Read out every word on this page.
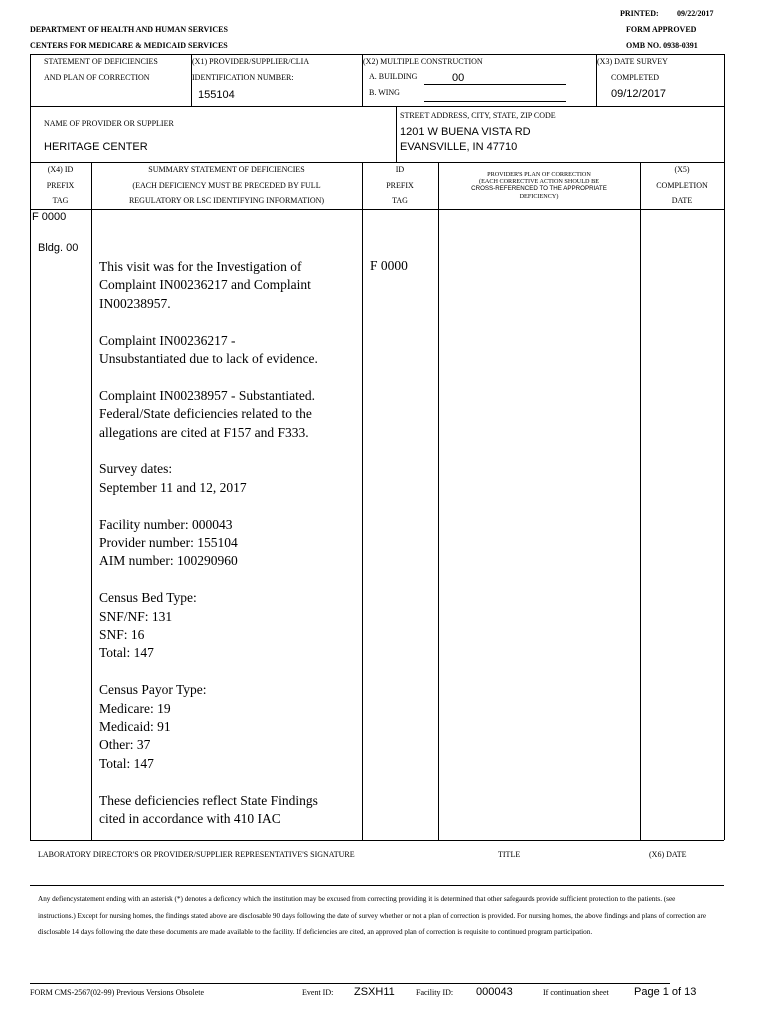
PRINTED: 09/22/2017
DEPARTMENT OF HEALTH AND HUMAN SERVICES	FORM APPROVED
CENTERS FOR MEDICARE & MEDICAID SERVICES	OMB NO. 0938-0391
STATEMENT OF DEFICIENCIES
AND PLAN OF CORRECTION
(X1) PROVIDER/SUPPLIER/CLIA
IDENTIFICATION NUMBER:
155104
(X2) MULTIPLE CONSTRUCTION
A. BUILDING	00
B. WING
(X3) DATE SURVEY
COMPLETED
09/12/2017
NAME OF PROVIDER OR SUPPLIER
HERITAGE CENTER
STREET ADDRESS, CITY, STATE, ZIP CODE
1201 W BUENA VISTA RD
EVANSVILLE, IN 47710
(X4) ID
PREFIX
TAG
SUMMARY STATEMENT OF DEFICIENCIES
(EACH DEFICIENCY MUST BE PRECEDED BY FULL
REGULATORY OR LSC IDENTIFYING INFORMATION)
ID
PREFIX
TAG
PROVIDER'S PLAN OF CORRECTION
(EACH CORRECTIVE ACTION SHOULD BE
CROSS-REFERENCED TO THE APPROPRIATE
DEFICIENCY)
(X5)
COMPLETION
DATE
F 0000
Bldg. 00
F 0000
This visit was for the Investigation of
Complaint IN00236217 and Complaint
IN00238957.
Complaint IN00236217 -
Unsubstantiated due to lack of evidence.
Complaint IN00238957 - Substantiated.
Federal/State deficiencies related to the
allegations are cited at F157 and F333.
Survey dates:
September 11 and 12, 2017
Facility number: 000043
Provider number: 155104
AIM number: 100290960
Census Bed Type:
SNF/NF: 131
SNF: 16
Total: 147
Census Payor Type:
Medicare: 19
Medicaid: 91
Other: 37
Total: 147
These deficiencies reflect State Findings
cited in accordance with 410 IAC
LABORATORY DIRECTOR'S OR PROVIDER/SUPPLIER REPRESENTATIVE'S SIGNATURE	TITLE	(X6) DATE
Any defiencystatement ending with an asterisk (*) denotes a deficency which the institution may be excused from correcting providing it is determined that other safegaurds provide sufficient protection to the patients. (see instructions.) Except for nursing homes, the findings stated above are disclosable 90 days following the date of survey whether or not a plan of correction is provided. For nursing homes, the above findings and plans of correction are disclosable 14 days following the date these documents are made available to the facility. If deficiencies are cited, an approved plan of correction is requisite to continued program participation.
FORM CMS-2567(02-99) Previous Versions Obsolete	Event ID: ZSXH11	Facility ID: 000043	If continuation sheet Page 1 of 13
